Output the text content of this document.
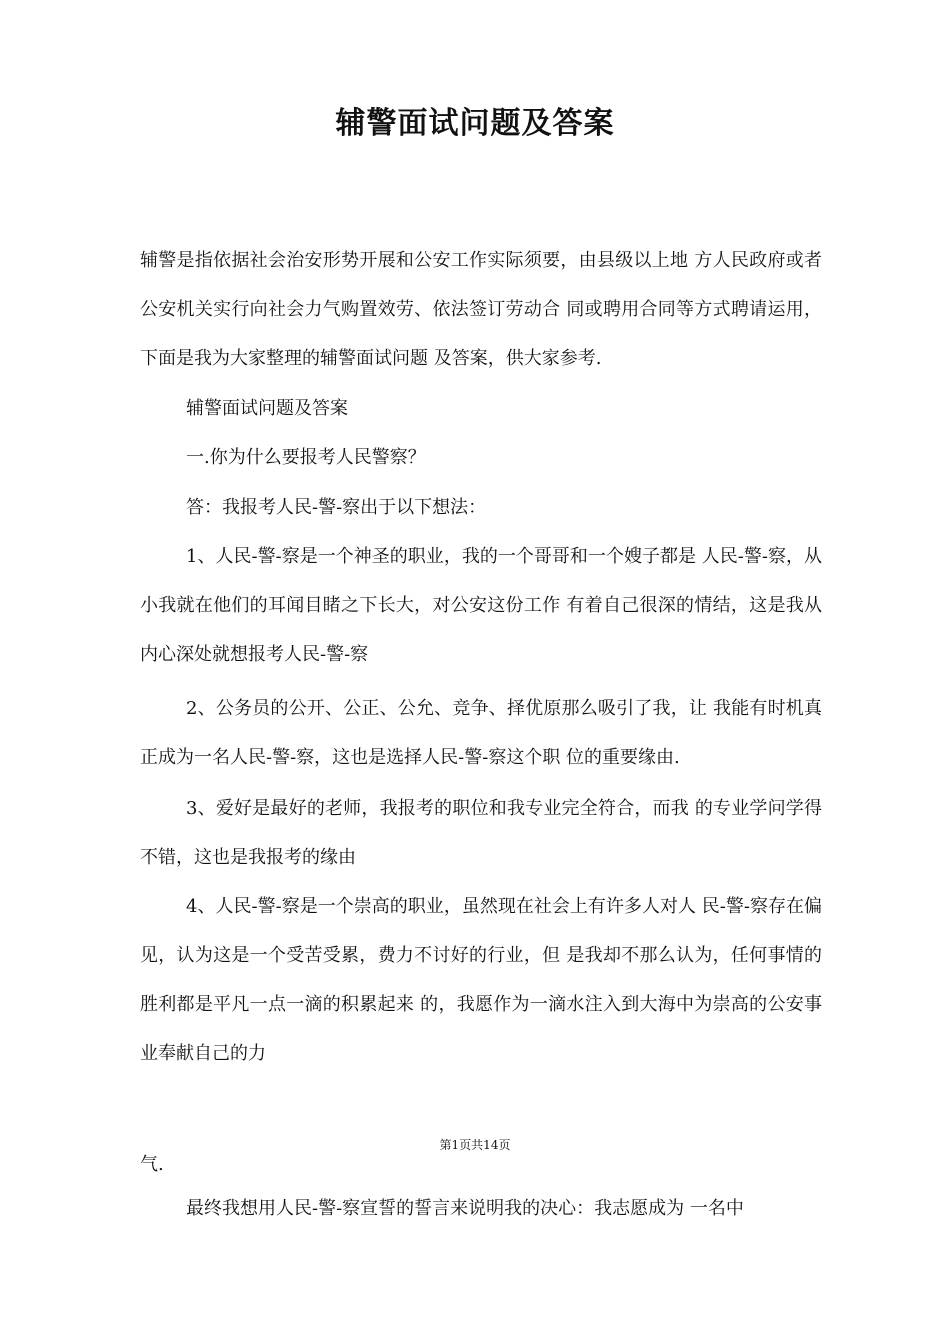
辅警面试问题及答案

辅警是指依据社会治安形势开展和公安工作实际须要，由县级以上地 方人民政府或者公安机关实行向社会力气购置效劳、依法签订劳动合 同或聘用合同等方式聘请运用，下面是我为大家整理的辅警面试问题 及答案，供大家参考.

辅警面试问题及答案

一.你为什么要报考人民警察？

答：我报考人民-警-察出于以下想法：

1、人民-警-察是一个神圣的职业，我的一个哥哥和一个嫂子都是 人民-警-察，从小我就在他们的耳闻目睹之下长大，对公安这份工作 有着自己很深的情结，这是我从内心深处就想报考人民-警-察

2、公务员的公开、公正、公允、竞争、择优原那么吸引了我，让 我能有时机真正成为一名人民-警-察，这也是选择人民-警-察这个职 位的重要缘由.

3、爱好是最好的老师，我报考的职位和我专业完全符合，而我 的专业学问学得不错，这也是我报考的缘由

4、人民-警-察是一个崇高的职业，虽然现在社会上有许多人对人 民-警-察存在偏见，认为这是一个受苦受累，费力不讨好的行业，但 是我却不那么认为，任何事情的胜利都是平凡一点一滴的积累起来 的，我愿作为一滴水注入到大海中为崇高的公安事业奉献自己的力

第1页共14页

气.

最终我想用人民-警-察宣誓的誓言来说明我的决心：我志愿成为 一名中
